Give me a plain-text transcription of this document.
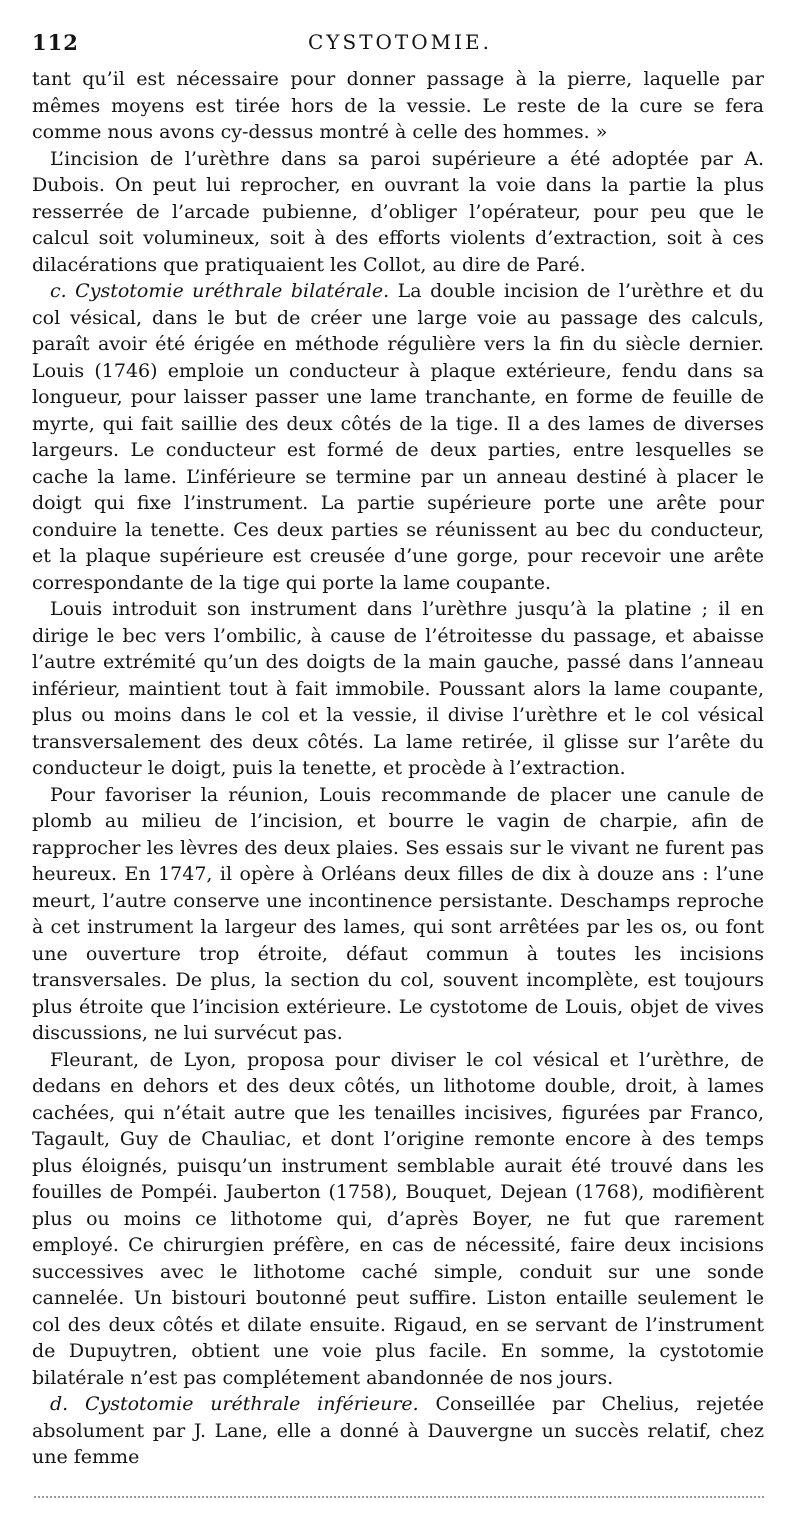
112	CYSTOTOMIE.

tant qu’il est nécessaire pour donner passage à la pierre, laquelle par mêmes moyens est tirée hors de la vessie. Le reste de la cure se fera comme nous avons cy-dessus montré à celle des hommes. »

L’incision de l’urèthre dans sa paroi supérieure a été adoptée par A. Dubois. On peut lui reprocher, en ouvrant la voie dans la partie la plus resserrée de l’arcade pubienne, d’obliger l’opérateur, pour peu que le calcul soit volumineux, soit à des efforts violents d’extraction, soit à ces dilacérations que pratiquaient les Collot, au dire de Paré.

c. Cystotomie uréthrale bilatérale. La double incision de l’urèthre et du col vésical, dans le but de créer une large voie au passage des calculs, paraît avoir été érigée en méthode régulière vers la fin du siècle dernier. Louis (1746) emploie un conducteur à plaque extérieure, fendu dans sa longueur, pour laisser passer une lame tranchante, en forme de feuille de myrte, qui fait saillie des deux côtés de la tige. Il a des lames de diverses largeurs. Le conducteur est formé de deux parties, entre lesquelles se cache la lame. L’inférieure se termine par un anneau destiné à placer le doigt qui fixe l’instrument. La partie supérieure porte une arête pour conduire la tenette. Ces deux parties se réunissent au bec du conducteur, et la plaque supérieure est creusée d’une gorge, pour recevoir une arête correspondante de la tige qui porte la lame coupante.

Louis introduit son instrument dans l’urèthre jusqu’à la platine ; il en dirige le bec vers l’ombilic, à cause de l’étroitesse du passage, et abaisse l’autre extrémité qu’un des doigts de la main gauche, passé dans l’anneau inférieur, maintient tout à fait immobile. Poussant alors la lame coupante, plus ou moins dans le col et la vessie, il divise l’urèthre et le col vésical transversalement des deux côtés. La lame retirée, il glisse sur l’arête du conducteur le doigt, puis la tenette, et procède à l’extraction.

Pour favoriser la réunion, Louis recommande de placer une canule de plomb au milieu de l’incision, et bourre le vagin de charpie, afin de rapprocher les lèvres des deux plaies. Ses essais sur le vivant ne furent pas heureux. En 1747, il opère à Orléans deux filles de dix à douze ans : l’une meurt, l’autre conserve une incontinence persistante. Deschamps reproche à cet instrument la largeur des lames, qui sont arrêtées par les os, ou font une ouverture trop étroite, défaut commun à toutes les incisions transversales. De plus, la section du col, souvent incomplète, est toujours plus étroite que l’incision extérieure. Le cystotome de Louis, objet de vives discussions, ne lui survécut pas.

Fleurant, de Lyon, proposa pour diviser le col vésical et l’urèthre, de dedans en dehors et des deux côtés, un lithotome double, droit, à lames cachées, qui n’était autre que les tenailles incisives, figurées par Franco, Tagault, Guy de Chauliac, et dont l’origine remonte encore à des temps plus éloignés, puisqu’un instrument semblable aurait été trouvé dans les fouilles de Pompéi. Jauberton (1758), Bouquet, Dejean (1768), modifièrent plus ou moins ce lithotome qui, d’après Boyer, ne fut que rarement employé. Ce chirurgien préfère, en cas de nécessité, faire deux incisions successives avec le lithotome caché simple, conduit sur une sonde cannelée. Un bistouri boutonné peut suffire. Liston entaille seulement le col des deux côtés et dilate ensuite. Rigaud, en se servant de l’instrument de Dupuytren, obtient une voie plus facile. En somme, la cystotomie bilatérale n’est pas complétement abandonnée de nos jours.

d. Cystotomie uréthrale inférieure. Conseillée par Chelius, rejetée absolument par J. Lane, elle a donné à Dauvergne un succès relatif, chez une femme
